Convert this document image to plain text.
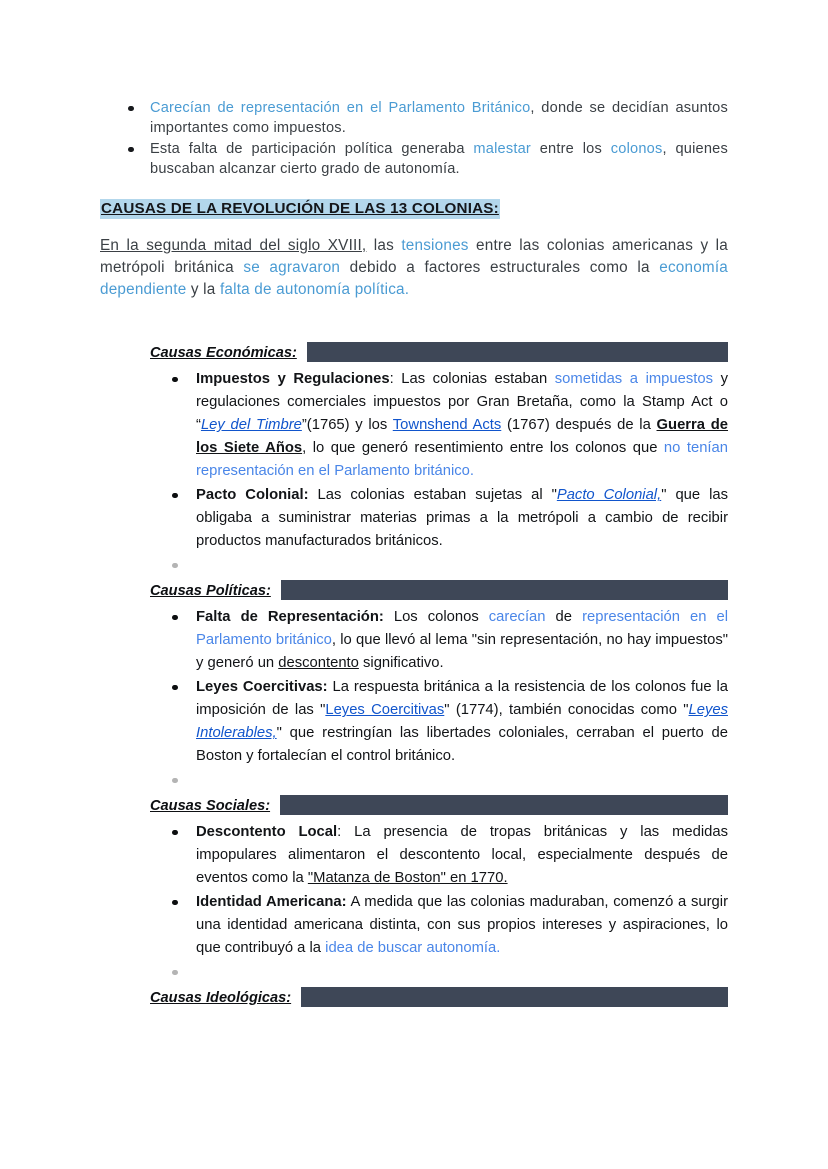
Carecían de representación en el Parlamento Británico, donde se decidían asuntos importantes como impuestos.
Esta falta de participación política generaba malestar entre los colonos, quienes buscaban alcanzar cierto grado de autonomía.
CAUSAS DE LA REVOLUCIÓN DE LAS 13 COLONIAS:

En la segunda mitad del siglo XVIII, las tensiones entre las colonias americanas y la metrópoli británica se agravaron debido a factores estructurales como la economía dependiente y la falta de autonomía política.

Causas Económicas:
Impuestos y Regulaciones: Las colonias estaban sometidas a impuestos y regulaciones comerciales impuestos por Gran Bretaña, como la Stamp Act o “Ley del Timbre”(1765) y los Townshend Acts (1767) después de la Guerra de los Siete Años, lo que generó resentimiento entre los colonos que no tenían representación en el Parlamento británico.
Pacto Colonial: Las colonias estaban sujetas al "Pacto Colonial," que las obligaba a suministrar materias primas a la metrópoli a cambio de recibir productos manufacturados británicos.
Causas Políticas:
Falta de Representación: Los colonos carecían de representación en el Parlamento británico, lo que llevó al lema "sin representación, no hay impuestos" y generó un descontento significativo.
Leyes Coercitivas: La respuesta británica a la resistencia de los colonos fue la imposición de las "Leyes Coercitivas" (1774), también conocidas como "Leyes Intolerables," que restringían las libertades coloniales, cerraban el puerto de Boston y fortalecían el control británico.
Causas Sociales:
Descontento Local: La presencia de tropas británicas y las medidas impopulares alimentaron el descontento local, especialmente después de eventos como la "Matanza de Boston" en 1770.
Identidad Americana: A medida que las colonias maduraban, comenzó a surgir una identidad americana distinta, con sus propios intereses y aspiraciones, lo que contribuyó a la idea de buscar autonomía.
Causas Ideológicas:
